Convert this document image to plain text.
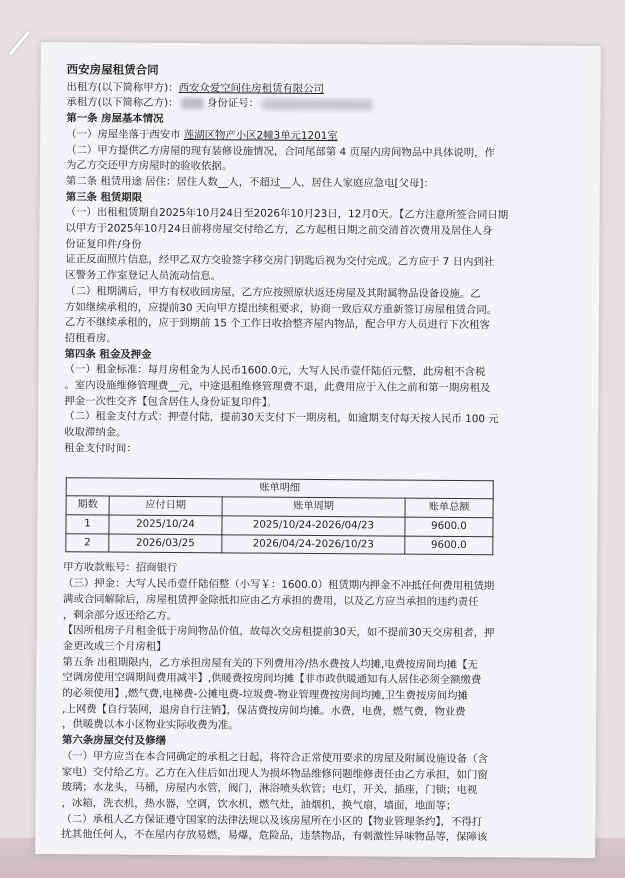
西安房屋租赁合同
出租方(以下简称甲方)：西安众爱空间住房租赁有限公司
承租方(以下简称乙方)：	身份证号：
第一条 房屋基本情况
（一）房屋坐落于西安市 莲湖区物产小区2幢3单元1201室
（二）甲方提供乙方房屋的现有装修设施情况，合同尾部第 4 页屋内房间物品中具体说明，作
为乙方交还甲方房屋时的验收依据。
第二条 租赁用途 居住：居住人数__人，不超过__人，居住人家庭应急电[父母]：
第三条 租赁期限
（一）出租租赁期自2025年10月24日至2026年10月23日，12月0天。【乙方注意所签合同日期
以甲方于2025年10月24日前将房屋交付给乙方，乙方起租日期之前交清首次费用及居住人身
份证复印件/身份
证正反面照片信息，经甲乙双方交验签字移交房门钥匙后视为交付完成。乙方应于 7 日内到社
区警务工作室登记人员流动信息。
（二）租期满后，甲方有权收回房屋，乙方应按照原状返还房屋及其附属物品设备设施。乙
方如继续承租的，应提前30 天向甲方提出续租要求，协商一致后双方重新签订房屋租赁合同。
乙方不继续承租的，应于到期前 15 个工作日收拾整齐屋内物品，配合甲方人员进行下次租客
招租看房。
第四条 租金及押金
（一）租金标准：每月房租金为人民币1600.0元，大写人民币壹仟陆佰元整，此房租不含税
。室内设施维修管理费__元，中途退租维修管理费不退，此费用应于入住之前和第一期房租及
押金一次性交齐【包含居住人身份证复印件】。
（二）租金支付方式：押壹付陆，提前30天支付下一期房租，如逾期支付每天按人民币 100 元
收取滞纳金。
租金支付时间：
账单明细			
期数	应付日期	账单周期	账单总额
1	2025/10/24	2025/10/24-2026/04/23	9600.0
2	2026/03/25	2026/04/24-2026/10/23	9600.0
甲方收款账号：招商银行
（三）押金：大写人民币壹仟陆佰整（小写￥：1600.0）租赁期内押金不冲抵任何费用租赁期
满或合同解除后，房屋租赁押金除抵扣应由乙方承担的费用，以及乙方应当承担的违约责任
，剩余部分返还给乙方。
【因所租房子月租金低于房间物品价值，故每次交房租提前30天，如不提前30天交房租者，押
金更改成三个月房租】
第五条 出租期限内，乙方承担房屋有关的下列费用冷/热水费按人均摊,电费按房间均摊【无
空调房使用空调期间费用减半】,供暖费按房间均摊【非市政供暖通知有人居住必须全额缴费
的必须使用】,燃气费,电梯费-公摊电费-垃圾费-物业管理费按房间均摊,卫生费按房间均摊
,上网费【自行装网，退房自行注销】，保洁费按房间均摊。水费，电费，燃气费，物业费
，供暖费以本小区物业实际收费为准。
第六条房屋交付及修缮
（一）甲方应当在本合同确定的承租之日起，将符合正常使用要求的房屋及附属设施设备（含
家电）交付给乙方。乙方在入住后如出现人为损坏物品维修问题维修责任由乙方承担，如门窗
玻璃；水龙头，马桶，房屋内水管，阀门，淋浴喷头软管；电灯，开关，插座，门锁；电视
，冰箱，洗衣机，热水器，空调，饮水机，燃气灶，油烟机，换气扇，墙面，地面等；
（二）承租人乙方保证遵守国家的法律法规以及该房屋所在小区的【物业管理条约】，不得打
扰其他任何人，不在屋内存放易燃，易爆，危险品，违禁物品，有刺激性异味物品等，保障该
